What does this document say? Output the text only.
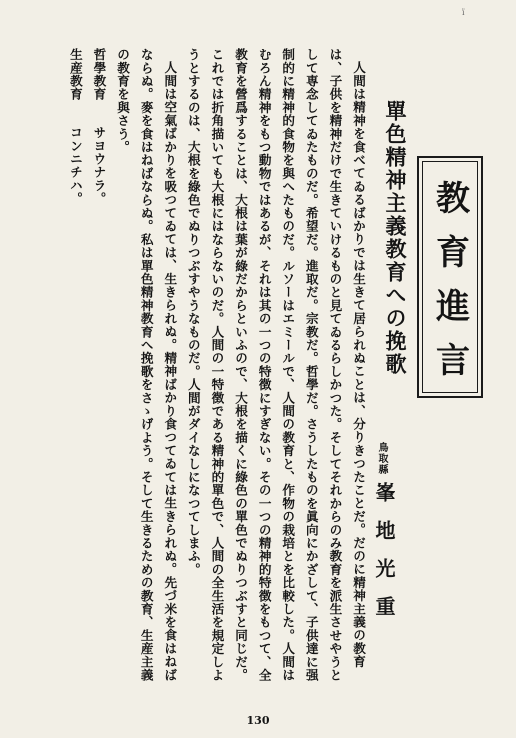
ï
教育進言
單色精神主義教育への挽歌
鳥取縣
峯地光重

人間は精神を食べてゐるばかりでは生きて居られぬことは、分りきつたことだ。だのに精神主義の教育は、子供を精神だけで生きていけるものと見てゐるらしかつた。そしてそれからのみ教育を派生させやうとして専念してゐたものだ。希望だ。進取だ。宗教だ。哲學だ。さうしたものを眞向にかざして、子供達に强制的に精神的食物を與へたものだ。ルソーはエミールで、人間の教育と、作物の栽培とを比較した。人間はむろん精神をもつ動物ではあるが、それは其の一つの特徴にすぎない。その一つの精神的特徴をもつて、全教育を營爲することは、大根は葉が綠だからといふので、大根を描くに綠色の單色でぬりつぶすと同じだ。これでは折角描いても大根にはならないのだ。人間の一特徴である精神的單色で、人間の全生活を規定しようとするのは、大根を綠色でぬりつぶすやうなものだ。人間がダイなしになつてしまふ。

人間は空氣ばかりを吸つてゐては、生きられぬ。精神ばかり食つてゐては生きられぬ。先づ米を食はねばならぬ。麥を食はねばならぬ。私は單色精神教育へ挽歌をさゝげよう。そして生きるための教育、生産主義の教育を與さう。

哲學教育サヨウナラ。

生産教育コンニチハ。

130
